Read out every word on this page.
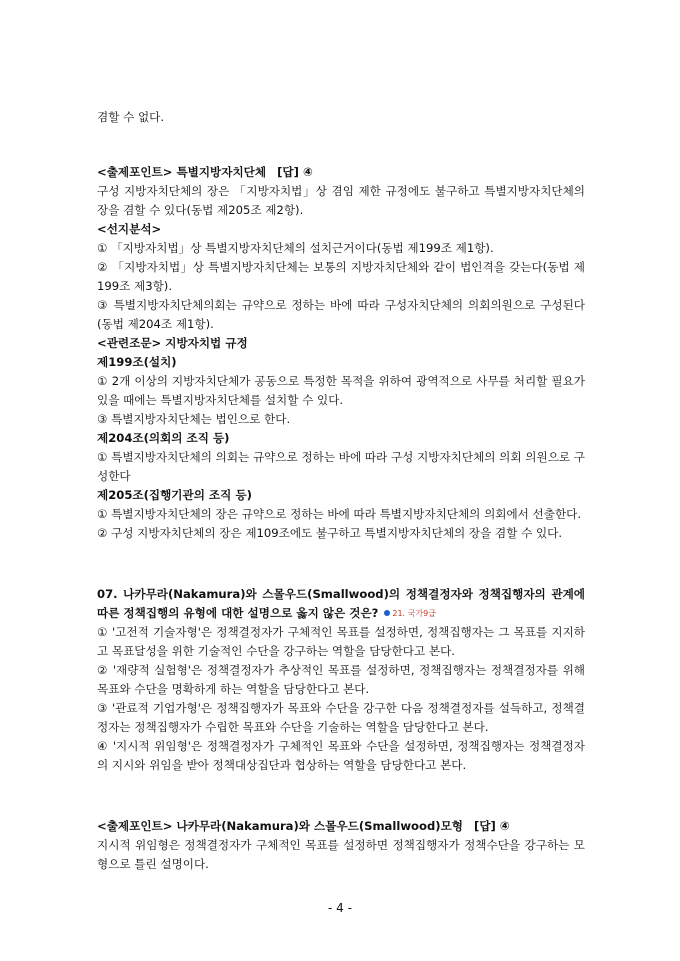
겸할 수 없다.

<출제포인트> 특별지방자치단체 [답] ④

구성 지방자치단체의 장은 「지방자치법」상 겸임 제한 규정에도 불구하고 특별지방자치단체의 장을 겸할 수 있다(동법 제205조 제2항).

<선지분석>

① 「지방자치법」상 특별지방자치단체의 설치근거이다(동법 제199조 제1항).

② 「지방자치법」상 특별지방자치단체는 보통의 지방자치단체와 같이 법인격을 갖는다(동법 제199조 제3항).

③ 특별지방자치단체의회는 규약으로 정하는 바에 따라 구성자치단체의 의회의원으로 구성된다(동법 제204조 제1항).

<관련조문> 지방자치법 규정

제199조(설치)

① 2개 이상의 지방자치단체가 공동으로 특정한 목적을 위하여 광역적으로 사무를 처리할 필요가 있을 때에는 특별지방자치단체를 설치할 수 있다.

③ 특별지방자치단체는 법인으로 한다.

제204조(의회의 조직 등)

① 특별지방자치단체의 의회는 규약으로 정하는 바에 따라 구성 지방자치단체의 의회 의원으로 구성한다

제205조(집행기관의 조직 등)

① 특별지방자치단체의 장은 규약으로 정하는 바에 따라 특별지방자치단체의 의회에서 선출한다.

② 구성 지방자치단체의 장은 제109조에도 불구하고 특별지방자치단체의 장을 겸할 수 있다.

07. 나카무라(Nakamura)와 스몰우드(Smallwood)의 정책결정자와 정책집행자의 관계에 따른 정책집행의 유형에 대한 설명으로 옳지 않은 것은? 21. 국가9급

① '고전적 기술자형'은 정책결정자가 구체적인 목표를 설정하면, 정책집행자는 그 목표를 지지하고 목표달성을 위한 기술적인 수단을 강구하는 역할을 담당한다고 본다.

② '재량적 실험형'은 정책결정자가 추상적인 목표를 설정하면, 정책집행자는 정책결정자를 위해 목표와 수단을 명확하게 하는 역할을 담당한다고 본다.

③ '관료적 기업가형'은 정책집행자가 목표와 수단을 강구한 다음 정책결정자를 설득하고, 정책결정자는 정책집행자가 수립한 목표와 수단을 기술하는 역할을 담당한다고 본다.

④ '지시적 위임형'은 정책결정자가 구체적인 목표와 수단을 설정하면, 정책집행자는 정책결정자의 지시와 위임을 받아 정책대상집단과 협상하는 역할을 담당한다고 본다.

<출제포인트> 나카무라(Nakamura)와 스몰우드(Smallwood)모형 [답] ④

지시적 위임형은 정책결정자가 구체적인 목표를 설정하면 정책집행자가 정책수단을 강구하는 모형으로 틀린 설명이다.

- 4 -
